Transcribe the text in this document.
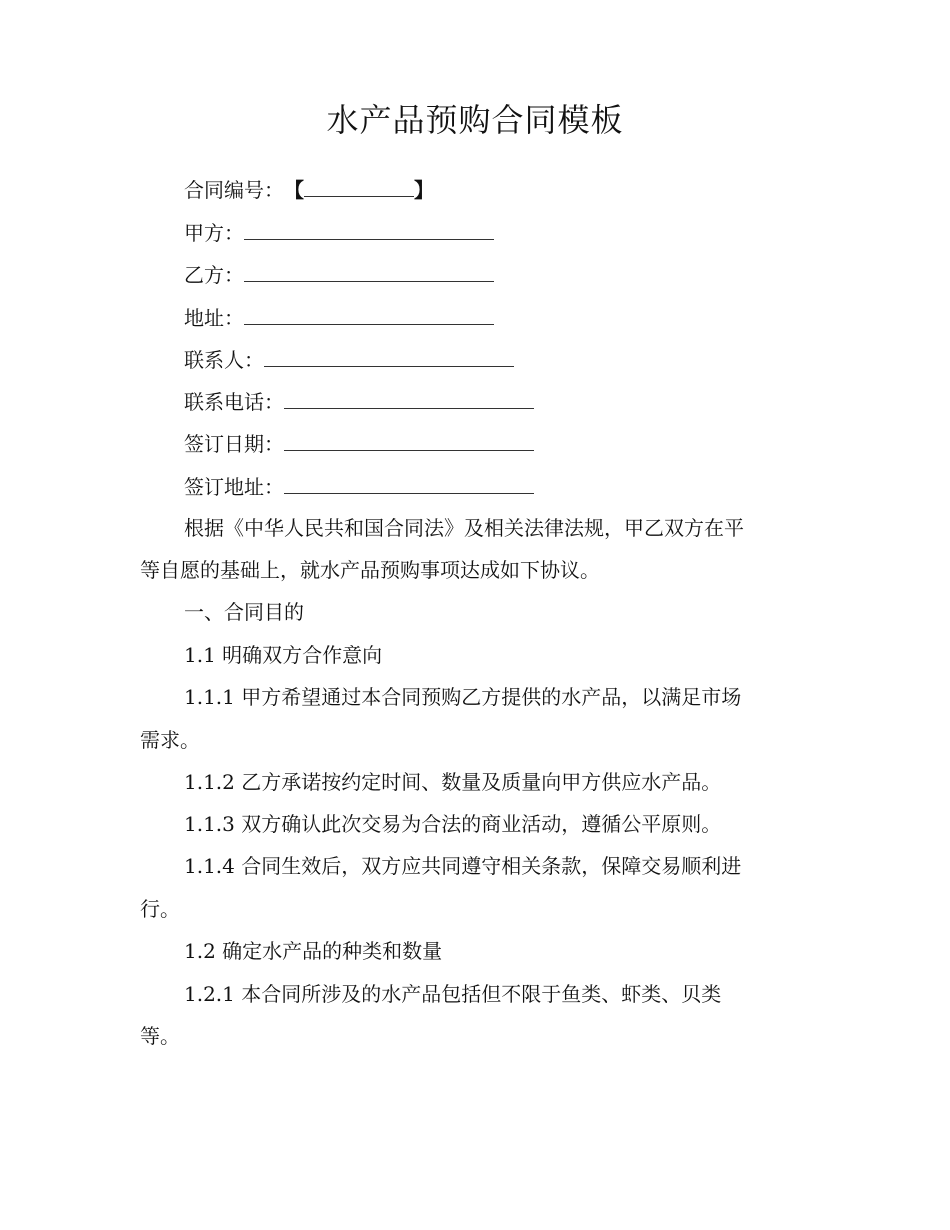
水产品预购合同模板
合同编号：【	】
甲方：
乙方：
地址：
联系人：
联系电话：
签订日期：
签订地址：
根据《中华人民共和国合同法》及相关法律法规，甲乙双方在平
等自愿的基础上，就水产品预购事项达成如下协议。
一、合同目的
1.1 明确双方合作意向
1.1.1 甲方希望通过本合同预购乙方提供的水产品，以满足市场
需求。
1.1.2 乙方承诺按约定时间、数量及质量向甲方供应水产品。
1.1.3 双方确认此次交易为合法的商业活动，遵循公平原则。
1.1.4 合同生效后，双方应共同遵守相关条款，保障交易顺利进
行。
1.2 确定水产品的种类和数量
1.2.1 本合同所涉及的水产品包括但不限于鱼类、虾类、贝类
等。
